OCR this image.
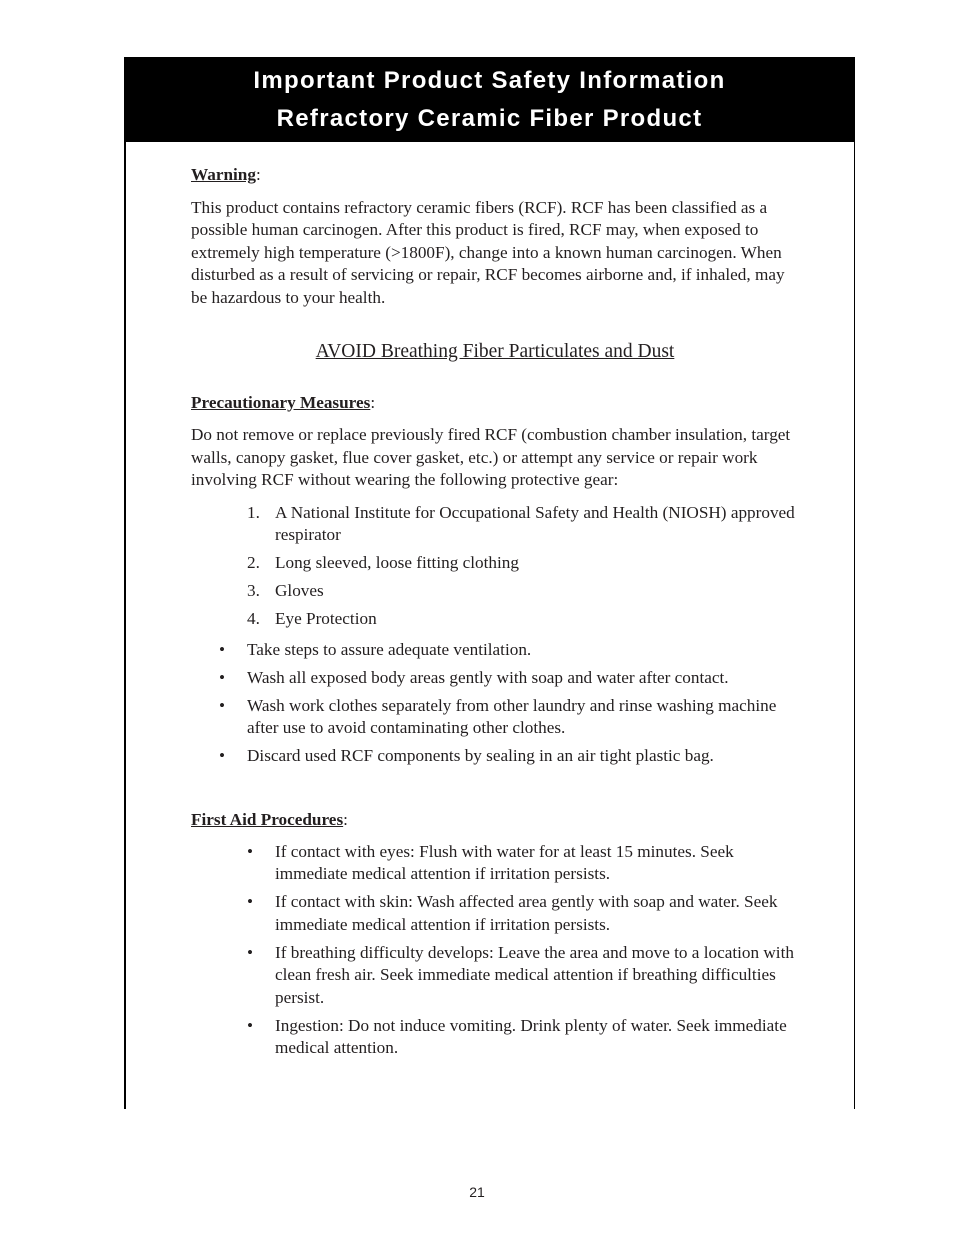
Important Product Safety Information
Refractory Ceramic Fiber Product

Warning:

This product contains refractory ceramic fibers (RCF). RCF has been classified as a possible human carcinogen. After this product is fired, RCF may, when exposed to extremely high temperature (>1800F), change into a known human carcinogen. When disturbed as a result of servicing or repair, RCF becomes airborne and, if inhaled, may be hazardous to your health.

AVOID Breathing Fiber Particulates and Dust

Precautionary Measures:

Do not remove or replace previously fired RCF (combustion chamber insulation, target walls, canopy gasket, flue cover gasket, etc.) or attempt any service or repair work involving RCF without wearing the following protective gear:

1. A National Institute for Occupational Safety and Health (NIOSH) approved respirator
2. Long sleeved, loose fitting clothing
3. Gloves
4. Eye Protection
• Take steps to assure adequate ventilation.
• Wash all exposed body areas gently with soap and water after contact.
• Wash work clothes separately from other laundry and rinse washing machine after use to avoid contaminating other clothes.
• Discard used RCF components by sealing in an air tight plastic bag.

First Aid Procedures:

• If contact with eyes: Flush with water for at least 15 minutes. Seek immediate medical attention if irritation persists.
• If contact with skin: Wash affected area gently with soap and water. Seek immediate medical attention if irritation persists.
• If breathing difficulty develops: Leave the area and move to a location with clean fresh air. Seek immediate medical attention if breathing difficulties persist.
• Ingestion: Do not induce vomiting. Drink plenty of water. Seek immediate medical attention.
21
